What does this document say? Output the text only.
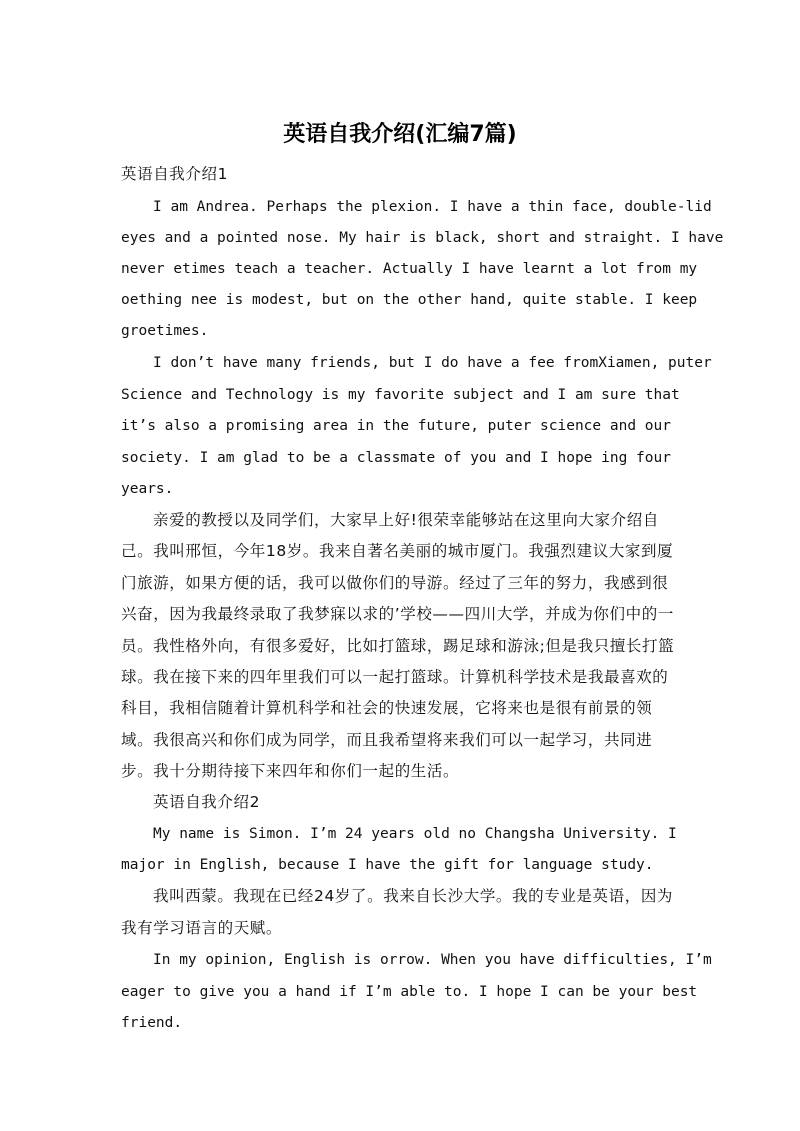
英语自我介绍(汇编7篇)
英语自我介绍1
I am Andrea. Perhaps the plexion. I have a thin face, double-lid
eyes and a pointed nose. My hair is black, short and straight. I have
never etimes teach a teacher. Actually I have learnt a lot from my
oething nee is modest, but on the other hand, quite stable. I keep
groetimes.
I don’t have many friends, but I do have a fee fromXiamen, puter
Science and Technology is my favorite subject and I am sure that
it’s also a promising area in the future, puter science and our
society. I am glad to be a classmate of you and I hope ing four
years.
亲爱的教授以及同学们，大家早上好!很荣幸能够站在这里向大家介绍自
己。我叫邢恒，今年18岁。我来自著名美丽的城市厦门。我强烈建议大家到厦
门旅游，如果方便的话，我可以做你们的导游。经过了三年的努力，我感到很
兴奋，因为我最终录取了我梦寐以求的’学校——四川大学，并成为你们中的一
员。我性格外向，有很多爱好，比如打篮球，踢足球和游泳;但是我只擅长打篮
球。我在接下来的四年里我们可以一起打篮球。计算机科学技术是我最喜欢的
科目，我相信随着计算机科学和社会的快速发展，它将来也是很有前景的领
域。我很高兴和你们成为同学，而且我希望将来我们可以一起学习，共同进
步。我十分期待接下来四年和你们一起的生活。
英语自我介绍2
My name is Simon. I’m 24 years old no Changsha University. I
major in English, because I have the gift for language study.
我叫西蒙。我现在已经24岁了。我来自长沙大学。我的专业是英语，因为
我有学习语言的天赋。
In my opinion, English is orrow. When you have difficulties, I’m
eager to give you a hand if I’m able to. I hope I can be your best
friend.
